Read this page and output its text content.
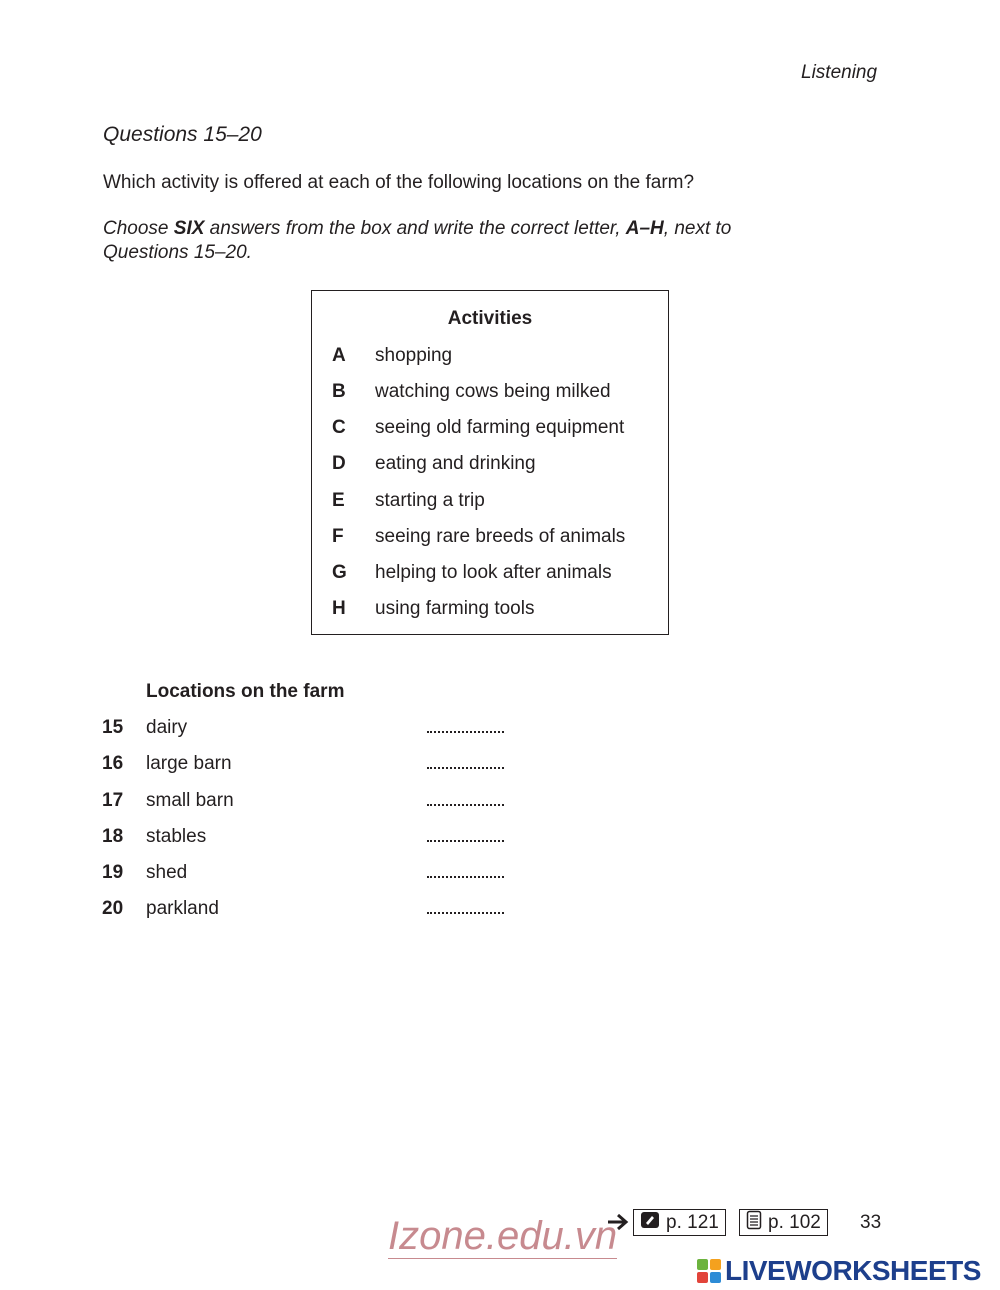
Listening
Questions 15–20
Which activity is offered at each of the following locations on the farm?
Choose SIX answers from the box and write the correct letter, A–H, next to
Questions 15–20.
Activities
A shopping
B watching cows being milked
C seeing old farming equipment
D eating and drinking
E starting a trip
F seeing rare breeds of animals
G helping to look after animals
H using farming tools
Locations on the farm
15 dairy
16 large barn
17 small barn
18 stables
19 shed
20 parkland
Izone.edu.vn	p. 121	p. 102 33
LIVEWORKSHEETS
